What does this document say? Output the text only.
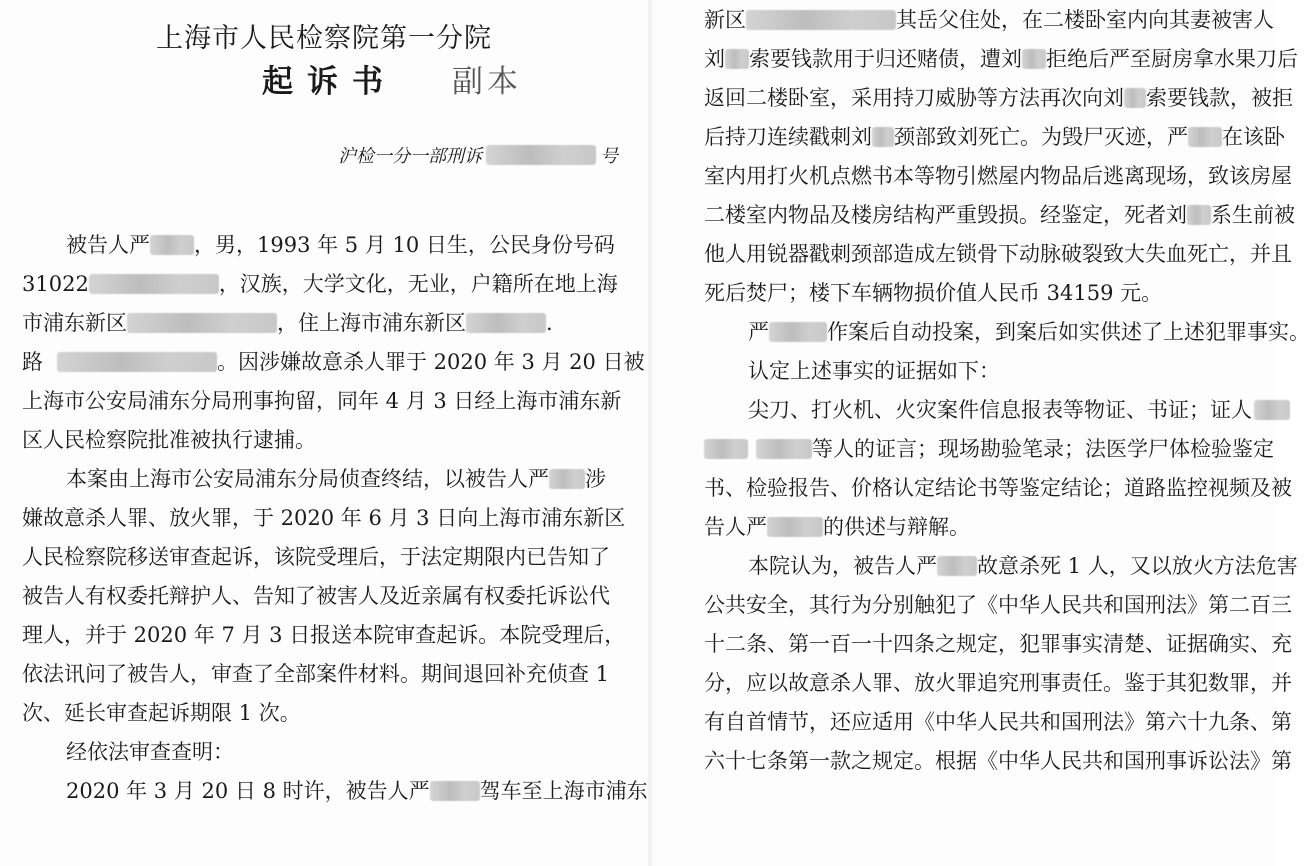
上海市人民检察院第一分院
起诉书 副本
沪检一分一部刑诉	号
被告人严 ，男，1993 年 5 月 10 日生，公民身份号码
31022	，汉族，大学文化，无业，户籍所在地上海
市浦东新区	，住上海市浦东新区	.
路	。因涉嫌故意杀人罪于 2020 年 3 月 20 日被
上海市公安局浦东分局刑事拘留，同年 4 月 3 日经上海市浦东新
区人民检察院批准被执行逮捕。
本案由上海市公安局浦东分局侦查终结，以被告人严 涉
嫌故意杀人罪、放火罪，于 2020 年 6 月 3 日向上海市浦东新区
人民检察院移送审查起诉，该院受理后，于法定期限内已告知了
被告人有权委托辩护人、告知了被害人及近亲属有权委托诉讼代
理人，并于 2020 年 7 月 3 日报送本院审查起诉。本院受理后，
依法讯问了被告人，审查了全部案件材料。期间退回补充侦查 1
次、延长审查起诉期限 1 次。
经依法审查查明：
2020 年 3 月 20 日 8 时许，被告人严 驾车至上海市浦东
新区	其岳父住处，在二楼卧室内向其妻被害人
刘 索要钱款用于归还赌债，遭刘 拒绝后严至厨房拿水果刀后
返回二楼卧室，采用持刀威胁等方法再次向刘 索要钱款，被拒
后持刀连续戳刺刘 颈部致刘死亡。为毁尸灭迹，严 在该卧
室内用打火机点燃书本等物引燃屋内物品后逃离现场，致该房屋
二楼室内物品及楼房结构严重毁损。经鉴定，死者刘 系生前被
他人用锐器戳刺颈部造成左锁骨下动脉破裂致大失血死亡，并且
死后焚尸；楼下车辆物损价值人民币 34159 元。
严	作案后自动投案，到案后如实供述了上述犯罪事实。
认定上述事实的证据如下：
尖刀、打火机、火灾案件信息报表等物证、书证；证人
等人的证言；现场勘验笔录；法医学尸体检验鉴定
书、检验报告、价格认定结论书等鉴定结论；道路监控视频及被
告人严	的供述与辩解。
本院认为，被告人严 故意杀死 1 人，又以放火方法危害
公共安全，其行为分别触犯了《中华人民共和国刑法》第二百三
十二条、第一百一十四条之规定，犯罪事实清楚、证据确实、充
分，应以故意杀人罪、放火罪追究刑事责任。鉴于其犯数罪，并
有自首情节，还应适用《中华人民共和国刑法》第六十九条、第
六十七条第一款之规定。根据《中华人民共和国刑事诉讼法》第
